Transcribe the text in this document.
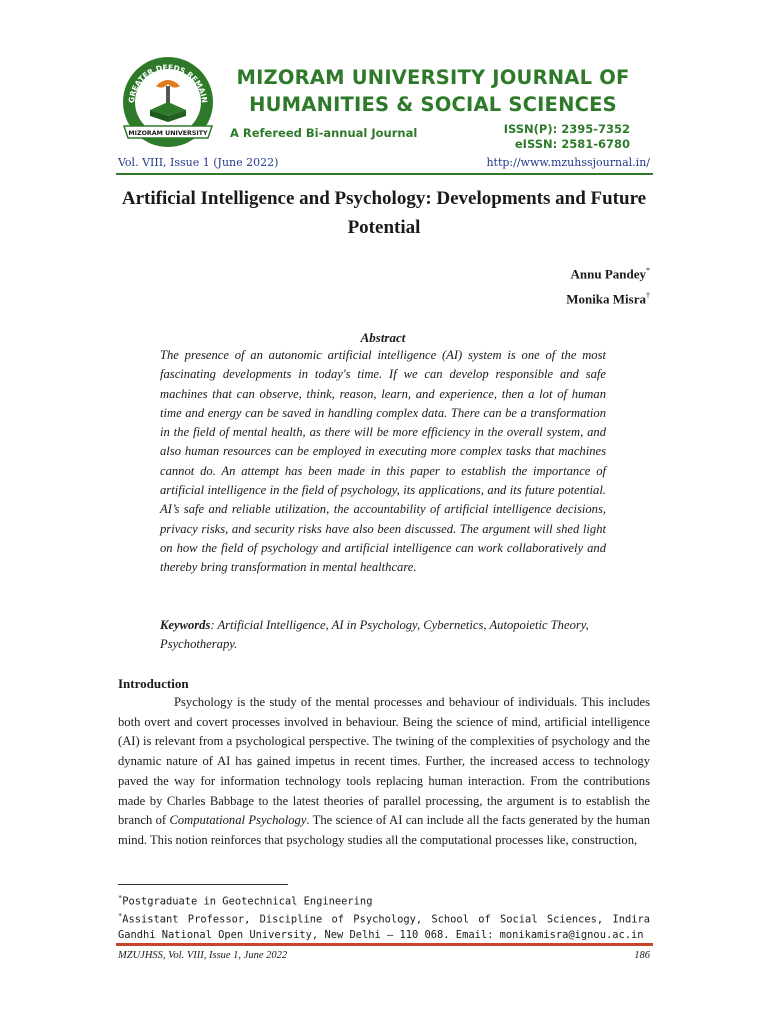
GREATER DEEDS REMAIN
MIZORAM UNIVERSITY
2001	2001
MIZORAM UNIVERSITY JOURNAL OF
HUMANITIES & SOCIAL SCIENCES
A Refereed Bi-annual Journal	ISSN(P): 2395-7352
eISSN: 2581-6780
Vol. VIII, Issue 1 (June 2022)	http://www.mzuhssjournal.in/
Artificial Intelligence and Psychology: Developments and Future Potential
Annu Pandey*
Monika Misra†
Abstract
The presence of an autonomic artificial intelligence (AI) system is one of the most fascinating developments in today's time. If we can develop responsible and safe machines that can observe, think, reason, learn, and experience, then a lot of human time and energy can be saved in handling complex data. There can be a transformation in the field of mental health, as there will be more efficiency in the overall system, and also human resources can be employed in executing more complex tasks that machines cannot do. An attempt has been made in this paper to establish the importance of artificial intelligence in the field of psychology, its applications, and its future potential. AI’s safe and reliable utilization, the accountability of artificial intelligence decisions, privacy risks, and security risks have also been discussed. The argument will shed light on how the field of psychology and artificial intelligence can work collaboratively and thereby bring transformation in mental healthcare.
Keywords: Artificial Intelligence, AI in Psychology, Cybernetics, Autopoietic Theory, Psychotherapy.
Introduction
Psychology is the study of the mental processes and behaviour of individuals. This includes both overt and covert processes involved in behaviour. Being the science of mind, artificial intelligence (AI) is relevant from a psychological perspective. The twining of the complexities of psychology and the dynamic nature of AI has gained impetus in recent times. Further, the increased access to technology paved the way for information technology tools replacing human interaction. From the contributions made by Charles Babbage to the latest theories of parallel processing, the argument is to establish the branch of Computational Psychology. The science of AI can include all the facts generated by the human mind. This notion reinforces that psychology studies all the computational processes like, construction,
*Postgraduate in Geotechnical Engineering
*Assistant Professor, Discipline of Psychology, School of Social Sciences, Indira Gandhi National Open University, New Delhi – 110 068. Email: monikamisra@ignou.ac.in
MZUJHSS, Vol. VIII, Issue 1, June 2022	186
